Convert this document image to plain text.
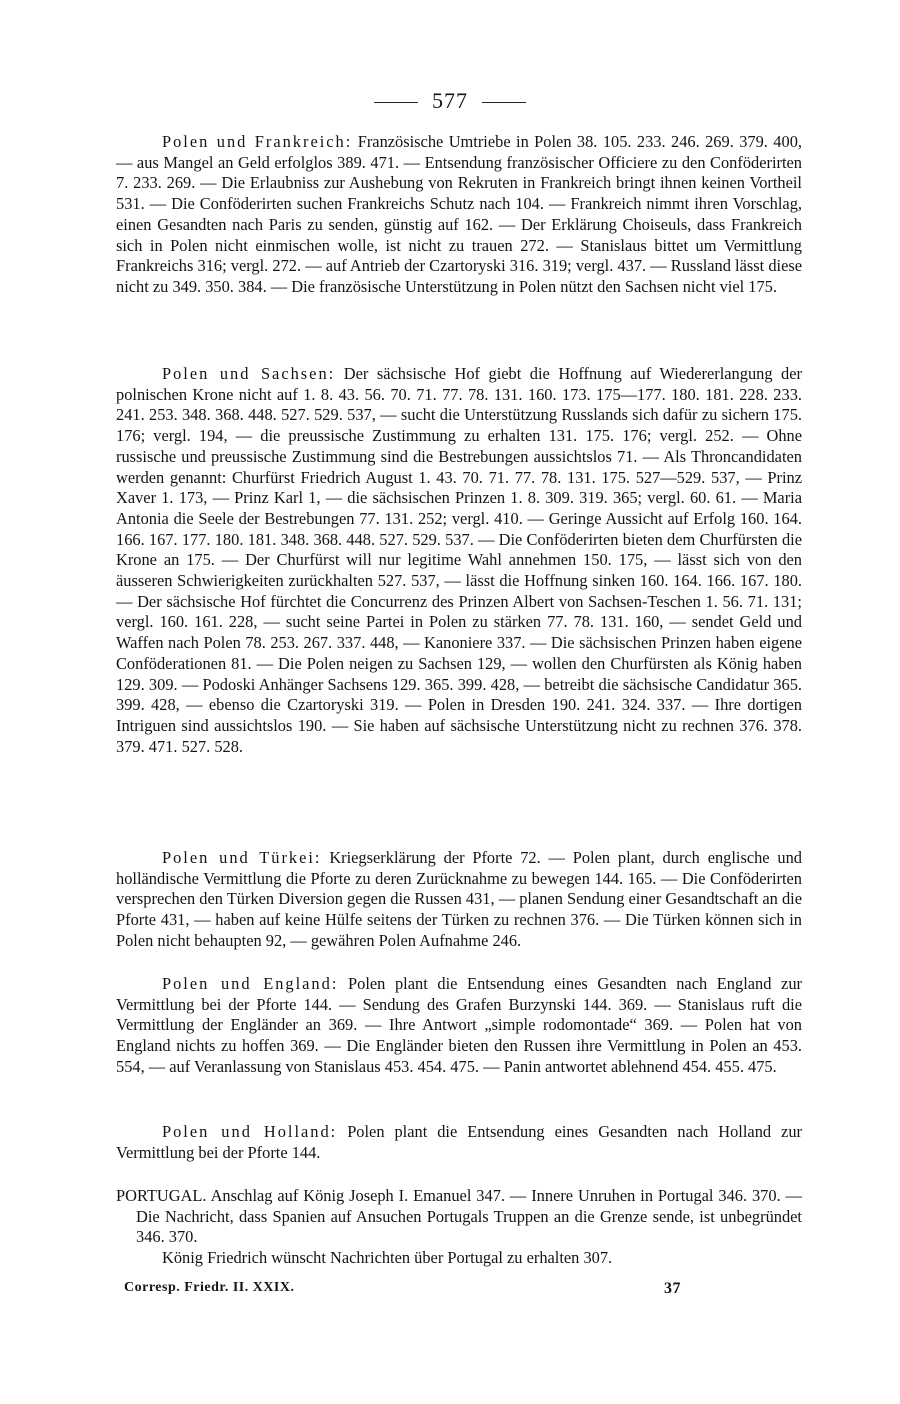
577

Polen und Frankreich: Französische Umtriebe in Polen 38. 105. 233. 246. 269. 379. 400, — aus Mangel an Geld erfolglos 389. 471. — Entsendung französischer Officiere zu den Conföderirten 7. 233. 269. — Die Erlaubniss zur Aushebung von Rekruten in Frankreich bringt ihnen keinen Vortheil 531. — Die Conföderirten suchen Frankreichs Schutz nach 104. — Frankreich nimmt ihren Vorschlag, einen Gesandten nach Paris zu senden, günstig auf 162. — Der Erklärung Choiseuls, dass Frankreich sich in Polen nicht einmischen wolle, ist nicht zu trauen 272. — Stanislaus bittet um Vermittlung Frankreichs 316; vergl. 272. — auf Antrieb der Czartoryski 316. 319; vergl. 437. — Russland lässt diese nicht zu 349. 350. 384. — Die französische Unterstützung in Polen nützt den Sachsen nicht viel 175.

Polen und Sachsen: Der sächsische Hof giebt die Hoffnung auf Wiedererlangung der polnischen Krone nicht auf 1. 8. 43. 56. 70. 71. 77. 78. 131. 160. 173. 175—177. 180. 181. 228. 233. 241. 253. 348. 368. 448. 527. 529. 537, — sucht die Unterstützung Russlands sich dafür zu sichern 175. 176; vergl. 194, — die preussische Zustimmung zu erhalten 131. 175. 176; vergl. 252. — Ohne russische und preussische Zustimmung sind die Bestrebungen aussichtslos 71. — Als Throncandidaten werden genannt: Churfürst Friedrich August 1. 43. 70. 71. 77. 78. 131. 175. 527—529. 537, — Prinz Xaver 1. 173, — Prinz Karl 1, — die sächsischen Prinzen 1. 8. 309. 319. 365; vergl. 60. 61. — Maria Antonia die Seele der Bestrebungen 77. 131. 252; vergl. 410. — Geringe Aussicht auf Erfolg 160. 164. 166. 167. 177. 180. 181. 348. 368. 448. 527. 529. 537. — Die Conföderirten bieten dem Churfürsten die Krone an 175. — Der Churfürst will nur legitime Wahl annehmen 150. 175, — lässt sich von den äusseren Schwierigkeiten zurückhalten 527. 537, — lässt die Hoffnung sinken 160. 164. 166. 167. 180. — Der sächsische Hof fürchtet die Concurrenz des Prinzen Albert von Sachsen-Teschen 1. 56. 71. 131; vergl. 160. 161. 228, — sucht seine Partei in Polen zu stärken 77. 78. 131. 160, — sendet Geld und Waffen nach Polen 78. 253. 267. 337. 448, — Kanoniere 337. — Die sächsischen Prinzen haben eigene Conföderationen 81. — Die Polen neigen zu Sachsen 129, — wollen den Churfürsten als König haben 129. 309. — Podoski Anhänger Sachsens 129. 365. 399. 428, — betreibt die sächsische Candidatur 365. 399. 428, — ebenso die Czartoryski 319. — Polen in Dresden 190. 241. 324. 337. — Ihre dortigen Intriguen sind aussichtslos 190. — Sie haben auf sächsische Unterstützung nicht zu rechnen 376. 378. 379. 471. 527. 528.

Polen und Türkei: Kriegserklärung der Pforte 72. — Polen plant, durch englische und holländische Vermittlung die Pforte zu deren Zurücknahme zu bewegen 144. 165. — Die Conföderirten versprechen den Türken Diversion gegen die Russen 431, — planen Sendung einer Gesandtschaft an die Pforte 431, — haben auf keine Hülfe seitens der Türken zu rechnen 376. — Die Türken können sich in Polen nicht behaupten 92, — gewähren Polen Aufnahme 246.

Polen und England: Polen plant die Entsendung eines Gesandten nach England zur Vermittlung bei der Pforte 144. — Sendung des Grafen Burzynski 144. 369. — Stanislaus ruft die Vermittlung der Engländer an 369. — Ihre Antwort „simple rodomontade“ 369. — Polen hat von England nichts zu hoffen 369. — Die Engländer bieten den Russen ihre Vermittlung in Polen an 453. 554, — auf Veranlassung von Stanislaus 453. 454. 475. — Panin antwortet ablehnend 454. 455. 475.

Polen und Holland: Polen plant die Entsendung eines Gesandten nach Holland zur Vermittlung bei der Pforte 144.

PORTUGAL. Anschlag auf König Joseph I. Emanuel 347. — Innere Unruhen in Portugal 346. 370. — Die Nachricht, dass Spanien auf Ansuchen Portugals Truppen an die Grenze sende, ist unbegründet 346. 370.

König Friedrich wünscht Nachrichten über Portugal zu erhalten 307.

Corresp. Friedr. II. XXIX.	37
